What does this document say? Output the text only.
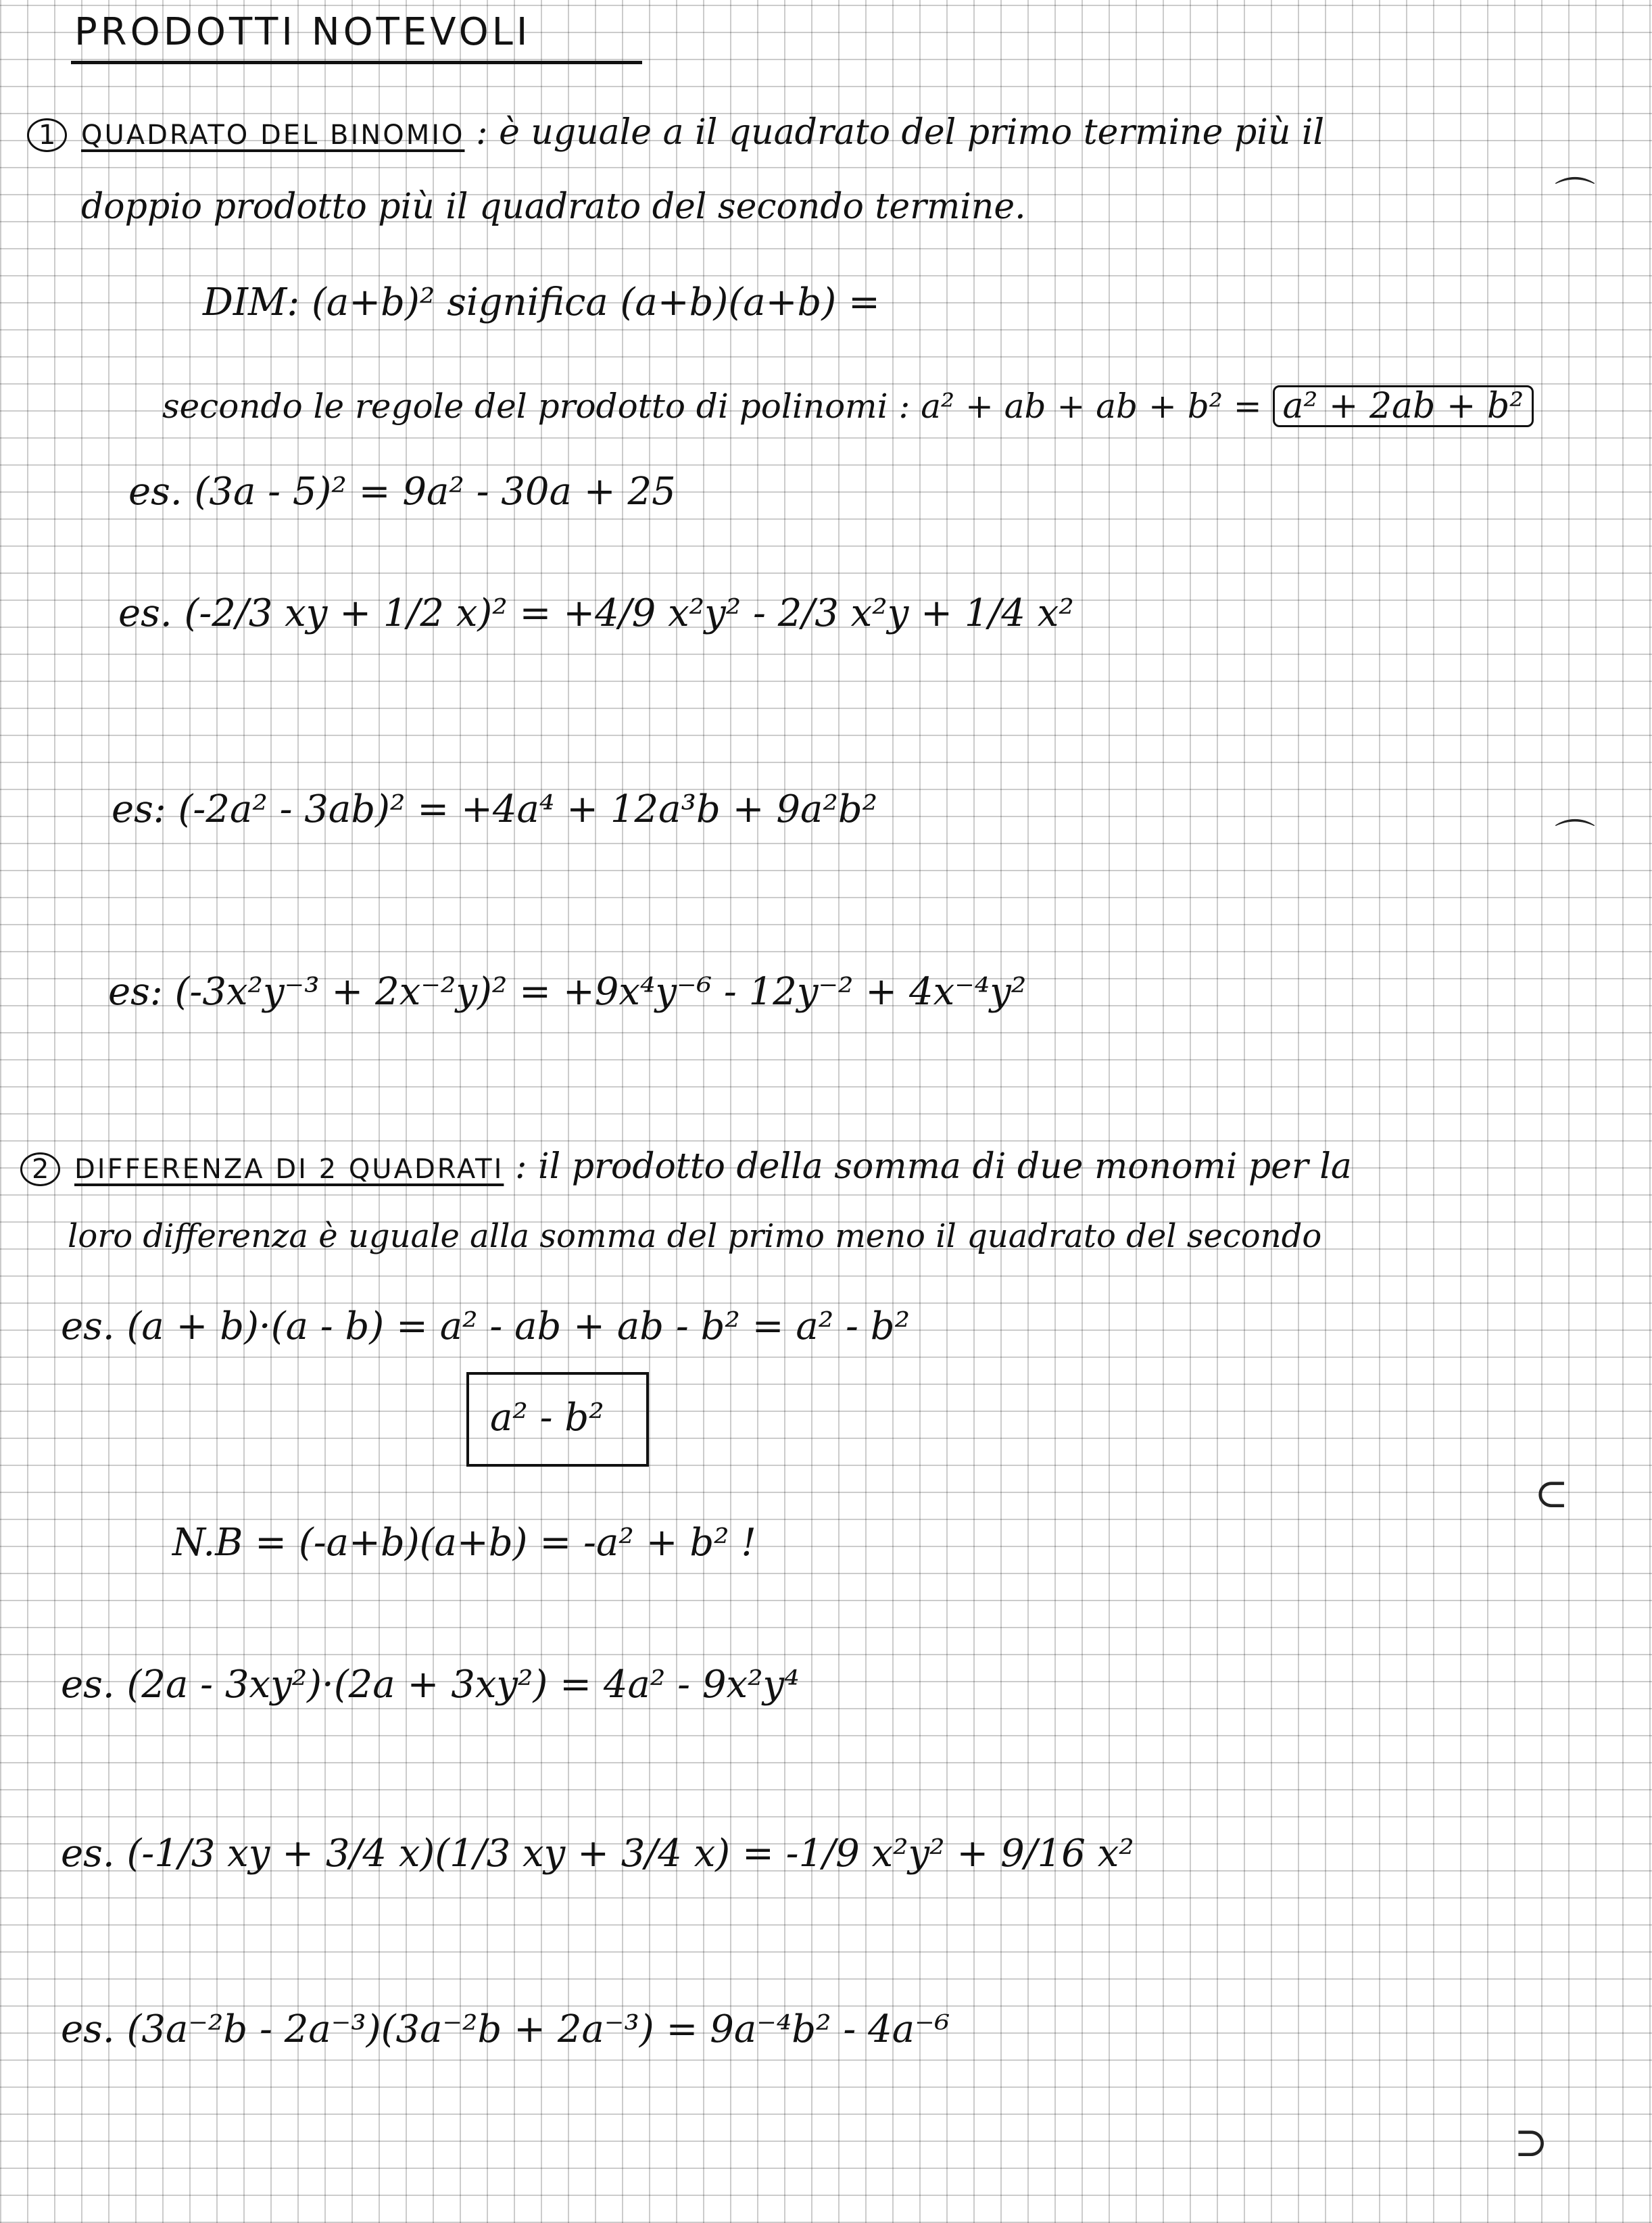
PRODOTTI NOTEVOLI
1 QUADRATO DEL BINOMIO : è uguale a il quadrato del primo termine più il
doppio prodotto più il quadrato del secondo termine.
DIM: (a+b)² significa (a+b)(a+b) =
secondo le regole del prodotto di polinomi : a² + ab + ab + b² = a² + 2ab + b²
es. (3a - 5)² = 9a² - 30a + 25
es. (-2/3 xy + 1/2 x)² = +4/9 x²y² - 2/3 x²y + 1/4 x²
es: (-2a² - 3ab)² = +4a⁴ + 12a³b + 9a²b²
es: (-3x²y⁻³ + 2x⁻²y)² = +9x⁴y⁻⁶ - 12y⁻² + 4x⁻⁴y²
2 DIFFERENZA DI 2 QUADRATI : il prodotto della somma di due monomi per la
loro differenza è uguale alla somma del primo meno il quadrato del secondo
es. (a + b)·(a - b) = a² - ab + ab - b² = a² - b²
a² - b²
N.B = (-a+b)(a+b) = -a² + b² !
es. (2a - 3xy²)·(2a + 3xy²) = 4a² - 9x²y⁴
es. (-1/3 xy + 3/4 x)(1/3 xy + 3/4 x) = -1/9 x²y² + 9/16 x²
es. (3a⁻²b - 2a⁻³)(3a⁻²b + 2a⁻³) = 9a⁻⁴b² - 4a⁻⁶
⌒
⌒
⊂
⊃
